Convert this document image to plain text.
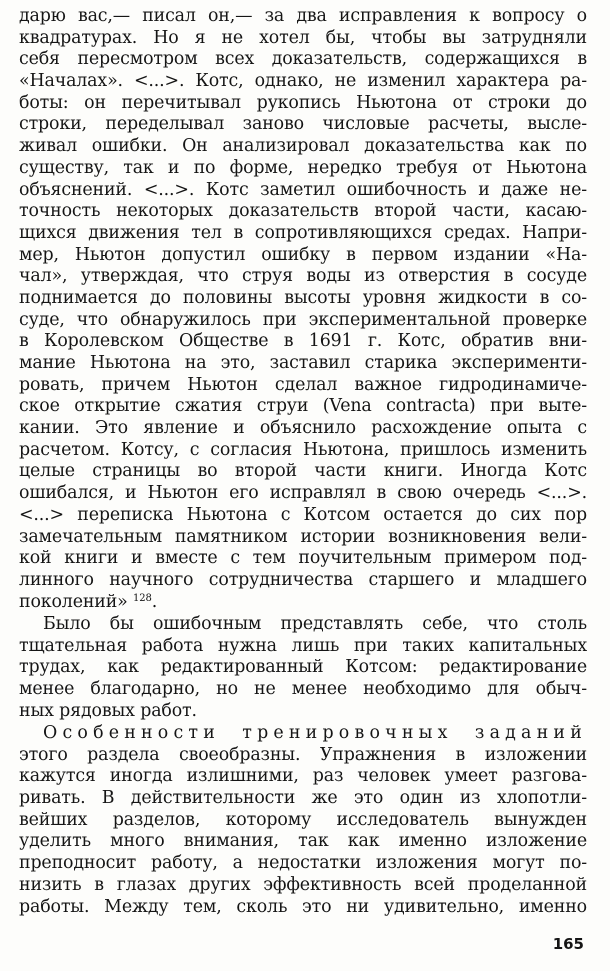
дарю вас,— писал он,— за два исправления к вопросу о
квадратурах. Но я не хотел бы, чтобы вы затрудняли
себя пересмотром всех доказательств, содержащихся в
«Началах». <...>. Котс, однако, не изменил характера ра-
боты: он перечитывал рукопись Ньютона от строки до
строки, переделывал заново числовые расчеты, высле-
живал ошибки. Он анализировал доказательства как по
существу, так и по форме, нередко требуя от Ньютона
объяснений. <...>. Котс заметил ошибочность и даже не-
точность некоторых доказательств второй части, касаю-
щихся движения тел в сопротивляющихся средах. Напри-
мер, Ньютон допустил ошибку в первом издании «На-
чал», утверждая, что струя воды из отверстия в сосуде
поднимается до половины высоты уровня жидкости в со-
суде, что обнаружилось при экспериментальной проверке
в Королевском Обществе в 1691 г. Котс, обратив вни-
мание Ньютона на это, заставил старика эксперименти-
ровать, причем Ньютон сделал важное гидродинамиче-
ское открытие сжатия струи (Vena contracta) при выте-
кании. Это явление и объяснило расхождение опыта с
расчетом. Котсу, с согласия Ньютона, пришлось изменить
целые страницы во второй части книги. Иногда Котс
ошибался, и Ньютон его исправлял в свою очередь <...>.
<...> переписка Ньютона с Котсом остается до сих пор
замечательным памятником истории возникновения вели-
кой книги и вместе с тем поучительным примером под-
линного научного сотрудничества старшего и младшего
поколений» $^{128}$.
Было бы ошибочным представлять себе, что столь
тщательная работа нужна лишь при таких капитальных
трудах, как редактированный Котсом: редактирование
менее благодарно, но не менее необходимо для обыч-
ных рядовых работ.
Особенности тренировочных заданий
этого раздела своеобразны. Упражнения в изложении
кажутся иногда излишними, раз человек умеет разгова-
ривать. В действительности же это один из хлопотли-
вейших разделов, которому исследователь вынужден
уделить много внимания, так как именно изложение
преподносит работу, а недостатки изложения могут по-
низить в глазах других эффективность всей проделанной
работы. Между тем, сколь это ни удивительно, именно
165
